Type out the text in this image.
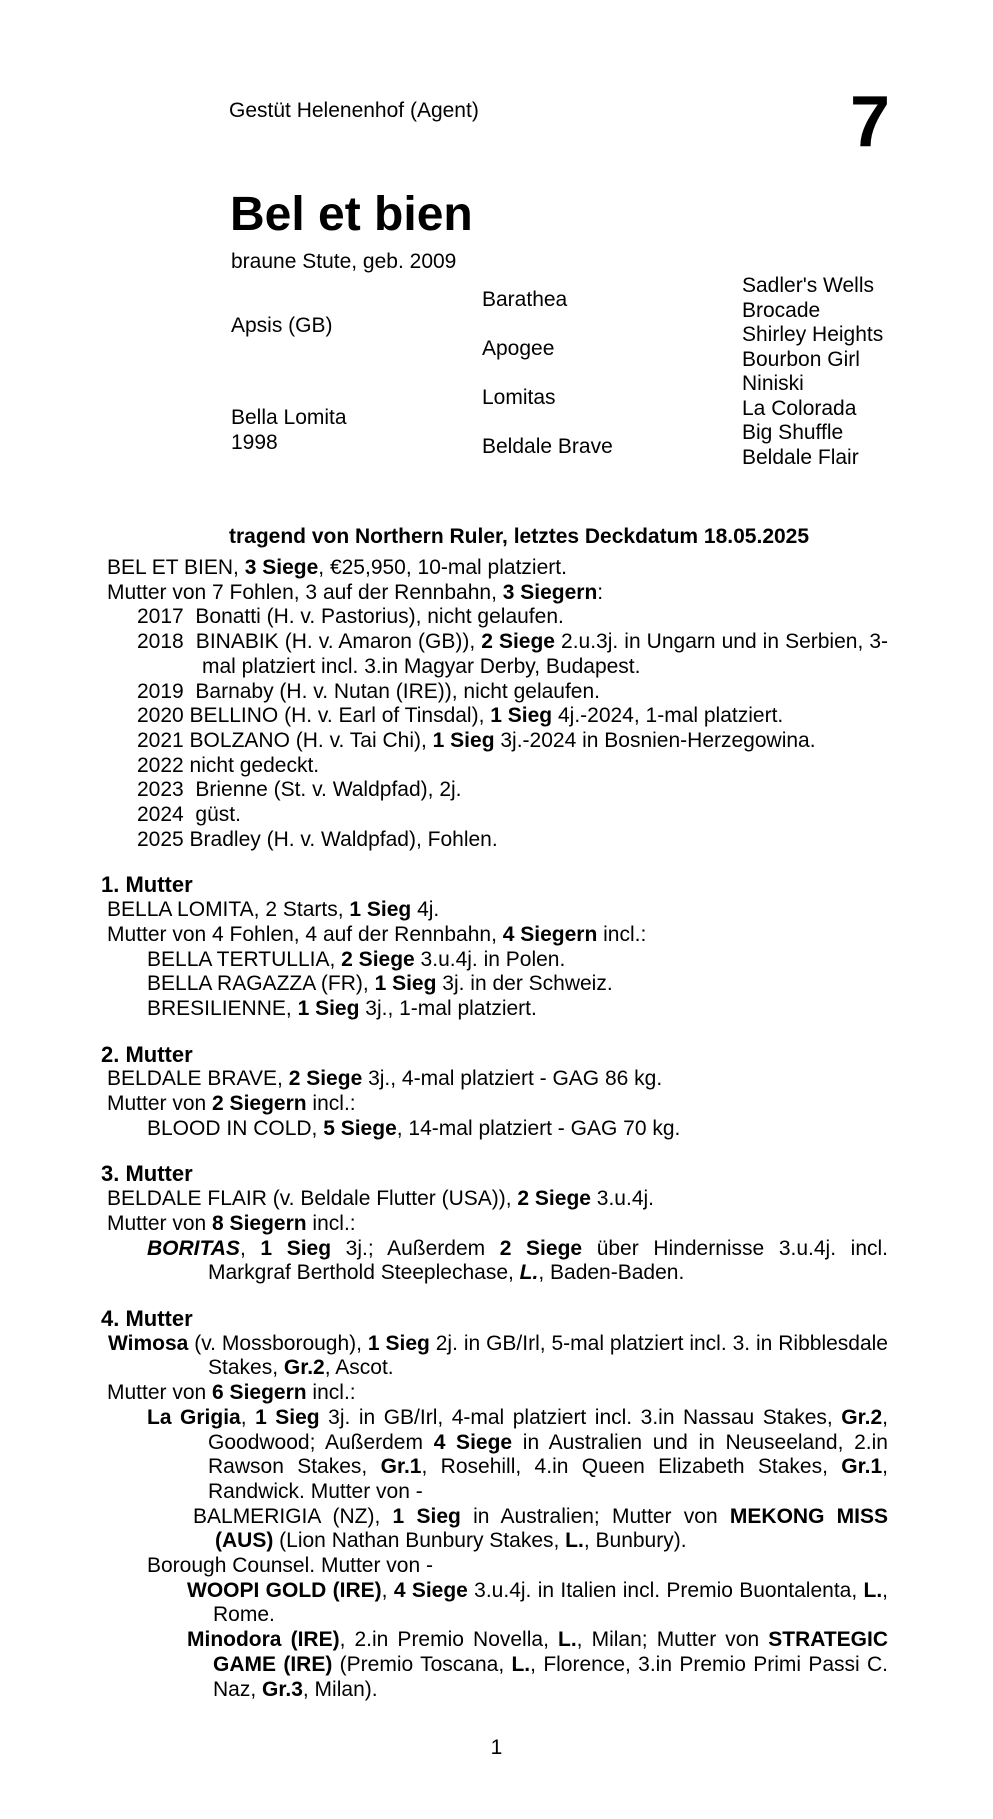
7
Gestüt Helenenhof (Agent)
Bel et bien
braune Stute, geb. 2009
Apsis (GB)
Bella Lomita
1998
Barathea
Apogee
Lomitas
Beldale Brave
Sadler's Wells
Brocade
Shirley Heights
Bourbon Girl
Niniski
La Colorada
Big Shuffle
Beldale Flair
tragend von Northern Ruler, letztes Deckdatum 18.05.2025

BEL ET BIEN, 3 Siege, €25,950, 10-mal platziert.

Mutter von 7 Fohlen, 3 auf der Rennbahn, 3 Siegern:

2017  Bonatti (H. v. Pastorius), nicht gelaufen.

2018  BINABIK (H. v. Amaron (GB)), 2 Siege 2.u.3j. in Ungarn und in Serbien, 3-mal platziert incl. 3.in Magyar Derby, Budapest.

2019  Barnaby (H. v. Nutan (IRE)), nicht gelaufen.

2020 BELLINO (H. v. Earl of Tinsdal), 1 Sieg 4j.-2024, 1-mal platziert.

2021 BOLZANO (H. v. Tai Chi), 1 Sieg 3j.-2024 in Bosnien-Herzegowina.

2022 nicht gedeckt.

2023  Brienne (St. v. Waldpfad), 2j.

2024  güst.

2025 Bradley (H. v. Waldpfad), Fohlen.

1. Mutter

BELLA LOMITA, 2 Starts, 1 Sieg 4j.

Mutter von 4 Fohlen, 4 auf der Rennbahn, 4 Siegern incl.:

BELLA TERTULLIA, 2 Siege 3.u.4j. in Polen.

BELLA RAGAZZA (FR), 1 Sieg 3j. in der Schweiz.

BRESILIENNE, 1 Sieg 3j., 1-mal platziert.

2. Mutter

BELDALE BRAVE, 2 Siege 3j., 4-mal platziert - GAG 86 kg.

Mutter von 2 Siegern incl.:

BLOOD IN COLD, 5 Siege, 14-mal platziert - GAG 70 kg.

3. Mutter

BELDALE FLAIR (v. Beldale Flutter (USA)), 2 Siege 3.u.4j.

Mutter von 8 Siegern incl.:

BORITAS, 1 Sieg 3j.; Außerdem 2 Siege über Hindernisse 3.u.4j. incl. Markgraf Berthold Steeplechase, L., Baden-Baden.

4. Mutter

Wimosa (v. Mossborough), 1 Sieg 2j. in GB/Irl, 5-mal platziert incl. 3. in Ribblesdale Stakes, Gr.2, Ascot.

Mutter von 6 Siegern incl.:

La Grigia, 1 Sieg 3j. in GB/Irl, 4-mal platziert incl. 3.in Nassau Stakes, Gr.2, Goodwood; Außerdem 4 Siege in Australien und in Neuseeland, 2.in Rawson Stakes, Gr.1, Rosehill, 4.in Queen Elizabeth Stakes, Gr.1, Randwick. Mutter von -

BALMERIGIA (NZ), 1 Sieg in Australien; Mutter von MEKONG MISS (AUS) (Lion Nathan Bunbury Stakes, L., Bunbury).

Borough Counsel. Mutter von -

WOOPI GOLD (IRE), 4 Siege 3.u.4j. in Italien incl. Premio Buontalenta, L., Rome.

Minodora (IRE), 2.in Premio Novella, L., Milan; Mutter von STRATEGIC GAME (IRE) (Premio Toscana, L., Florence, 3.in Premio Primi Passi C. Naz, Gr.3, Milan).

1
